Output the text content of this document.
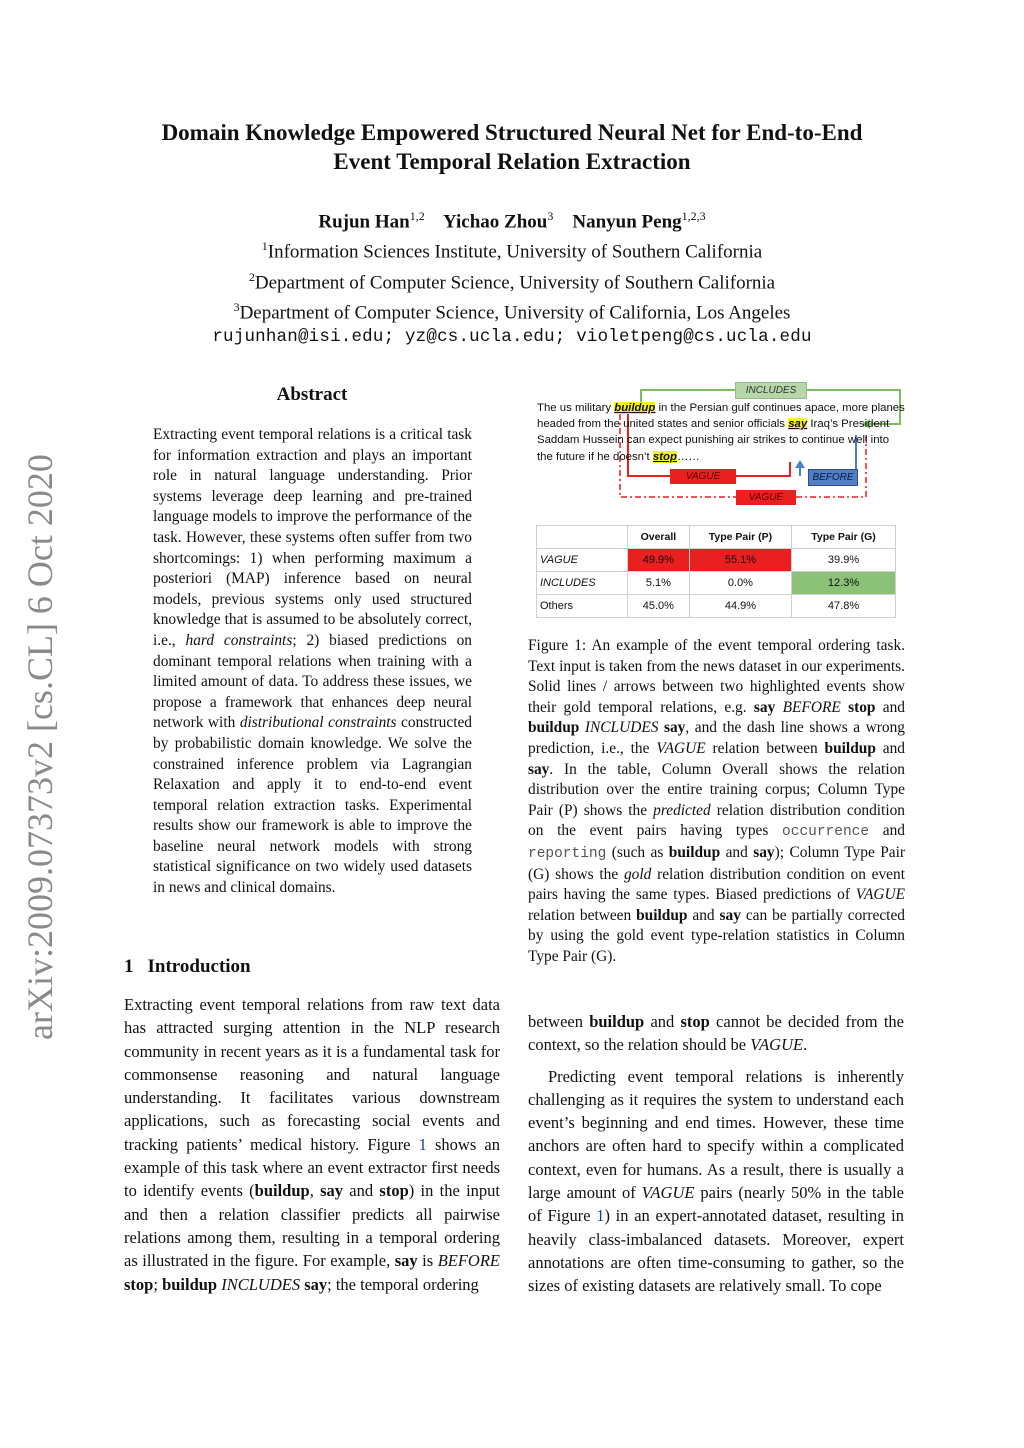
Domain Knowledge Empowered Structured Neural Net for End-to-End
Event Temporal Relation Extraction
Rujun Han$^{1,2}$ Yichao Zhou$^3$ Nanyun Peng$^{1,2,3}$
$^1$Information Sciences Institute, University of Southern California
$^2$Department of Computer Science, University of Southern California
$^3$Department of Computer Science, University of California, Los Angeles
rujunhan@isi.edu; yz@cs.ucla.edu; violetpeng@cs.ucla.edu
arXiv:2009.07373v2 [cs.CL] 6 Oct 2020
Abstract
Extracting event temporal relations is a critical task for information extraction and plays an important role in natural language understanding. Prior systems leverage deep learning and pre-trained language models to improve the performance of the task. However, these systems often suffer from two shortcomings: 1) when performing maximum a posteriori (MAP) inference based on neural models, previous systems only used structured knowledge that is assumed to be absolutely correct, i.e., hard constraints; 2) biased predictions on dominant temporal relations when training with a limited amount of data. To address these issues, we propose a framework that enhances deep neural network with distributional constraints constructed by probabilistic domain knowledge. We solve the constrained inference problem via Lagrangian Relaxation and apply it to end-to-end event temporal relation extraction tasks. Experimental results show our framework is able to improve the baseline neural network models with strong statistical significance on two widely used datasets in news and clinical domains.
1 Introduction
Extracting event temporal relations from raw text data has attracted surging attention in the NLP research community in recent years as it is a fundamental task for commonsense reasoning and natural language understanding. It facilitates various downstream applications, such as forecasting social events and tracking patients’ medical history. Figure 1 shows an example of this task where an event extractor first needs to identify events (buildup, say and stop) in the input and then a relation classifier predicts all pairwise relations among them, resulting in a temporal ordering as illustrated in the figure. For example, say is BEFORE stop; buildup INCLUDES say; the temporal ordering
INCLUDES
The us military buildup in the Persian gulf continues apace, more planes headed from the united states and senior officials say Iraq’s President Saddam Hussein can expect punishing air strikes to continue well into the future if he doesn’t stop……
VAGUE	BEFORE
VAGUE
	Overall	Type Pair (P)	Type Pair (G)
VAGUE	49.9%	55.1%	39.9%
INCLUDES	5.1%	0.0%	12.3%
Others	45.0%	44.9%	47.8%
Figure 1: An example of the event temporal ordering task. Text input is taken from the news dataset in our experiments. Solid lines / arrows between two highlighted events show their gold temporal relations, e.g. say BEFORE stop and buildup INCLUDES say, and the dash line shows a wrong prediction, i.e., the VAGUE relation between buildup and say. In the table, Column Overall shows the relation distribution over the entire training corpus; Column Type Pair (P) shows the predicted relation distribution condition on the event pairs having types occurrence and reporting (such as buildup and say); Column Type Pair (G) shows the gold relation distribution condition on event pairs having the same types. Biased predictions of VAGUE relation between buildup and say can be partially corrected by using the gold event type-relation statistics in Column Type Pair (G).

between buildup and stop cannot be decided from the context, so the relation should be VAGUE.

Predicting event temporal relations is inherently challenging as it requires the system to understand each event’s beginning and end times. However, these time anchors are often hard to specify within a complicated context, even for humans. As a result, there is usually a large amount of VAGUE pairs (nearly 50% in the table of Figure 1) in an expert-annotated dataset, resulting in heavily class-imbalanced datasets. Moreover, expert annotations are often time-consuming to gather, so the sizes of existing datasets are relatively small. To cope
